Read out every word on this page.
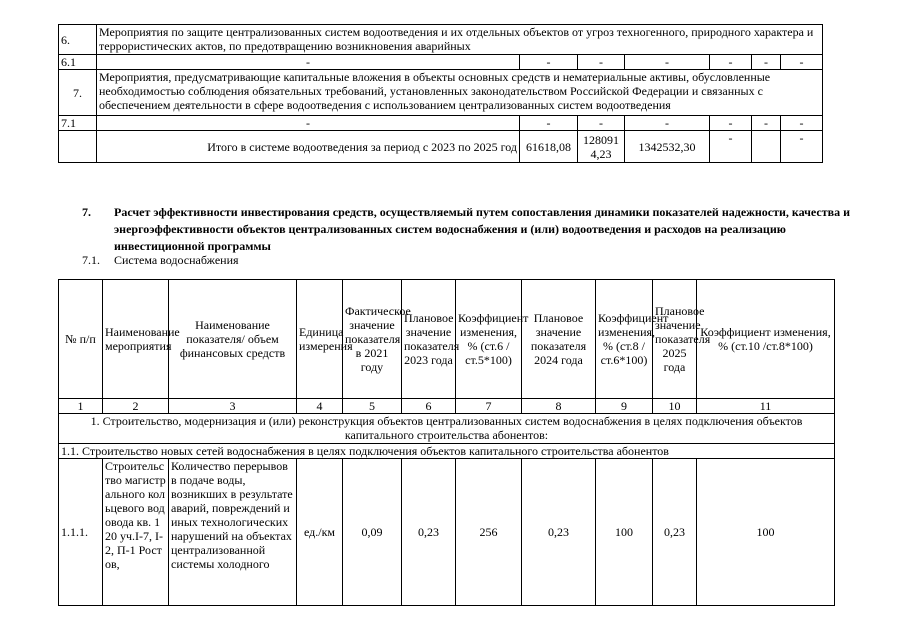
6.	Мероприятия по защите централизованных систем водоотведения и их отдельных объектов от угроз техногенного, природного характера и террористических актов, по предотвращению возникновения аварийных						
6.1	-	-	-	-	-	-	-
7.	Мероприятия, предусматривающие капитальные вложения в объекты основных средств и нематериальные активы, обусловленные необходимостью соблюдения обязательных требований, установленных законодательством Российской Федерации и связанных с обеспечением деятельности в сфере водоотведения с использованием централизованных систем водоотведения						
7.1	-	-	-	-	-	-	-
	Итого в системе водоотведения за период с 2023 по 2025 год	61618,08	1280914,23	1342532,30	-		-
7. Расчет эффективности инвестирования средств, осуществляемый путем сопоставления динамики показателей надежности, качества и энергоэффективности объектов централизованных систем водоснабжения и (или) водоотведения и расходов на реализацию инвестиционной программы
7.1. Система водоснабжения
№ п/п	Наименование мероприятия	Наименование показателя/ объем финансовых средств	Единица измерения	Фактическое значение показателя в 2021 году	Плановое значение показателя 2023 года	Коэффициент изменения, % (ст.6 /ст.5*100)	Плановое значение показателя 2024 года	Коэффициент изменения, % (ст.8 /ст.6*100)	Плановое значение показателя 2025 года	Коэффициент изменения, % (ст.10 /ст.8*100)
1	2	3	4	5	6	7	8	9	10	11
1. Строительство, модернизация и (или) реконструкция объектов централизованных систем водоснабжения в целях подключения объектов капитального строительства абонентов:										
1.1. Строительство новых сетей водоснабжения в целях подключения объектов капитального строительства абонентов										
1.1.1.	Строительство магистрального кольцевого водовода кв. 120 уч.I-7, I-2, П-1 Ростов,	Количество перерывов в подаче воды, возникших в результате аварий, повреждений и иных технологических нарушений на объектах централизованной системы холодного	ед./км	0,09	0,23	256	0,23	100	0,23	100
